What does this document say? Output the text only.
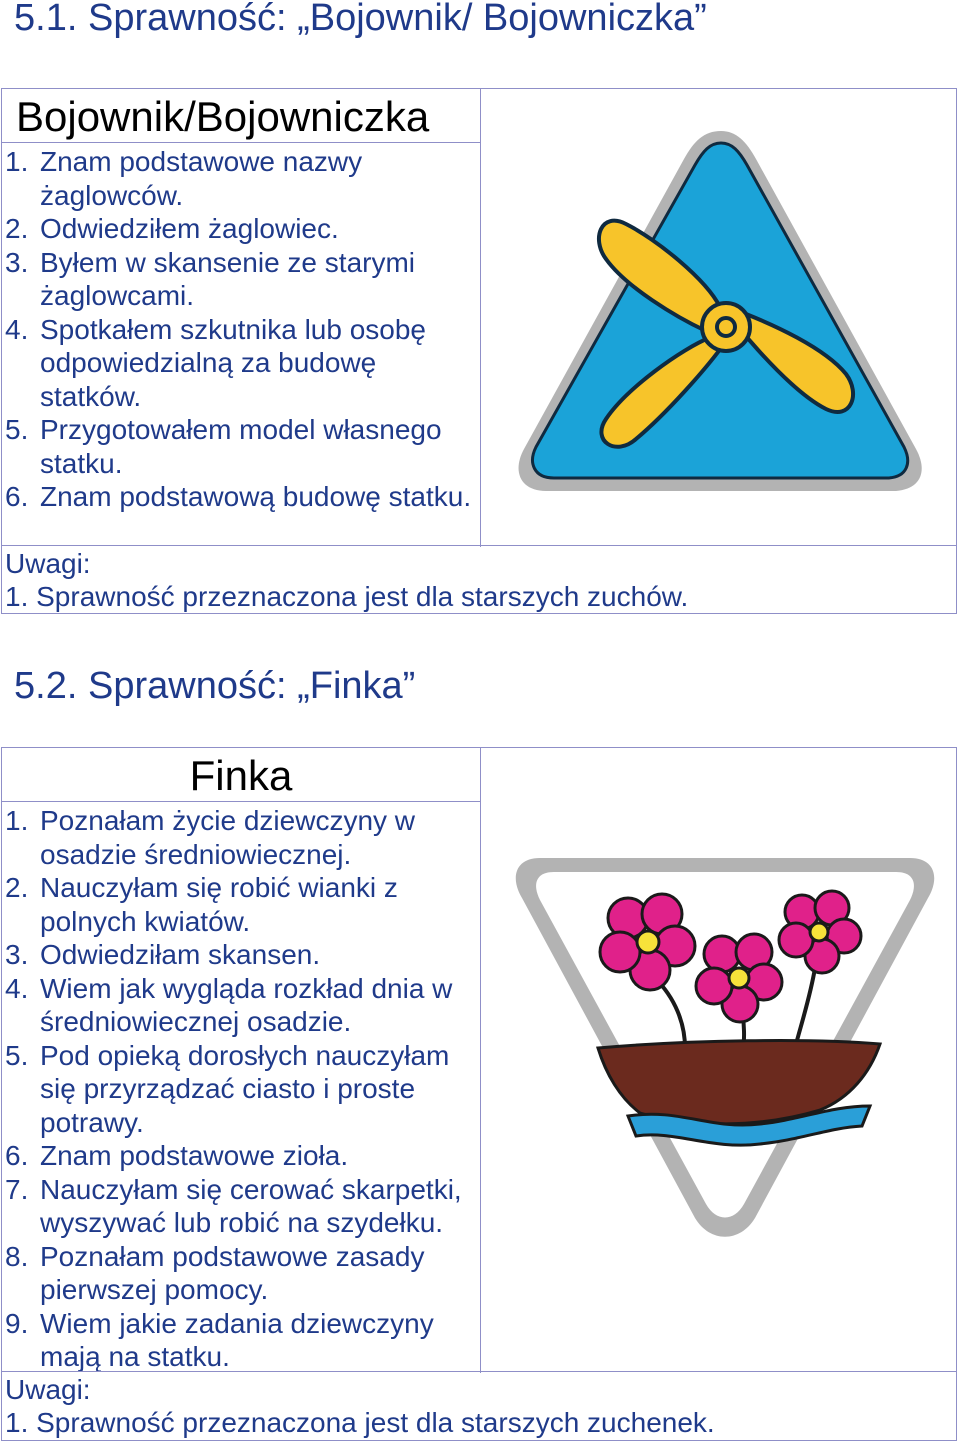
5.1. Sprawność: „Bojownik/ Bojowniczka”
Bojownik/Bojowniczka
1. Znam podstawowe nazwy żaglowców.
2. Odwiedziłem żaglowiec.
3. Byłem w skansenie ze starymi żaglowcami.
4. Spotkałem szkutnika lub osobę odpowiedzialną za budowę statków.
5. Przygotowałem model własnego statku.
6. Znam podstawową budowę statku.
Uwagi:
1. Sprawność przeznaczona jest dla starszych zuchów.
5.2. Sprawność: „Finka”
Finka
1. Poznałam życie dziewczyny w osadzie średniowiecznej.
2. Nauczyłam się robić wianki z polnych kwiatów.
3. Odwiedziłam skansen.
4. Wiem jak wygląda rozkład dnia w średniowiecznej osadzie.
5. Pod opieką dorosłych nauczyłam się przyrządzać ciasto i proste potrawy.
6. Znam podstawowe zioła.
7. Nauczyłam się cerować skarpetki, wyszywać lub robić na szydełku.
8. Poznałam podstawowe zasady pierwszej pomocy.
9. Wiem jakie zadania dziewczyny mają na statku.
Uwagi:
1. Sprawność przeznaczona jest dla starszych zuchenek.
